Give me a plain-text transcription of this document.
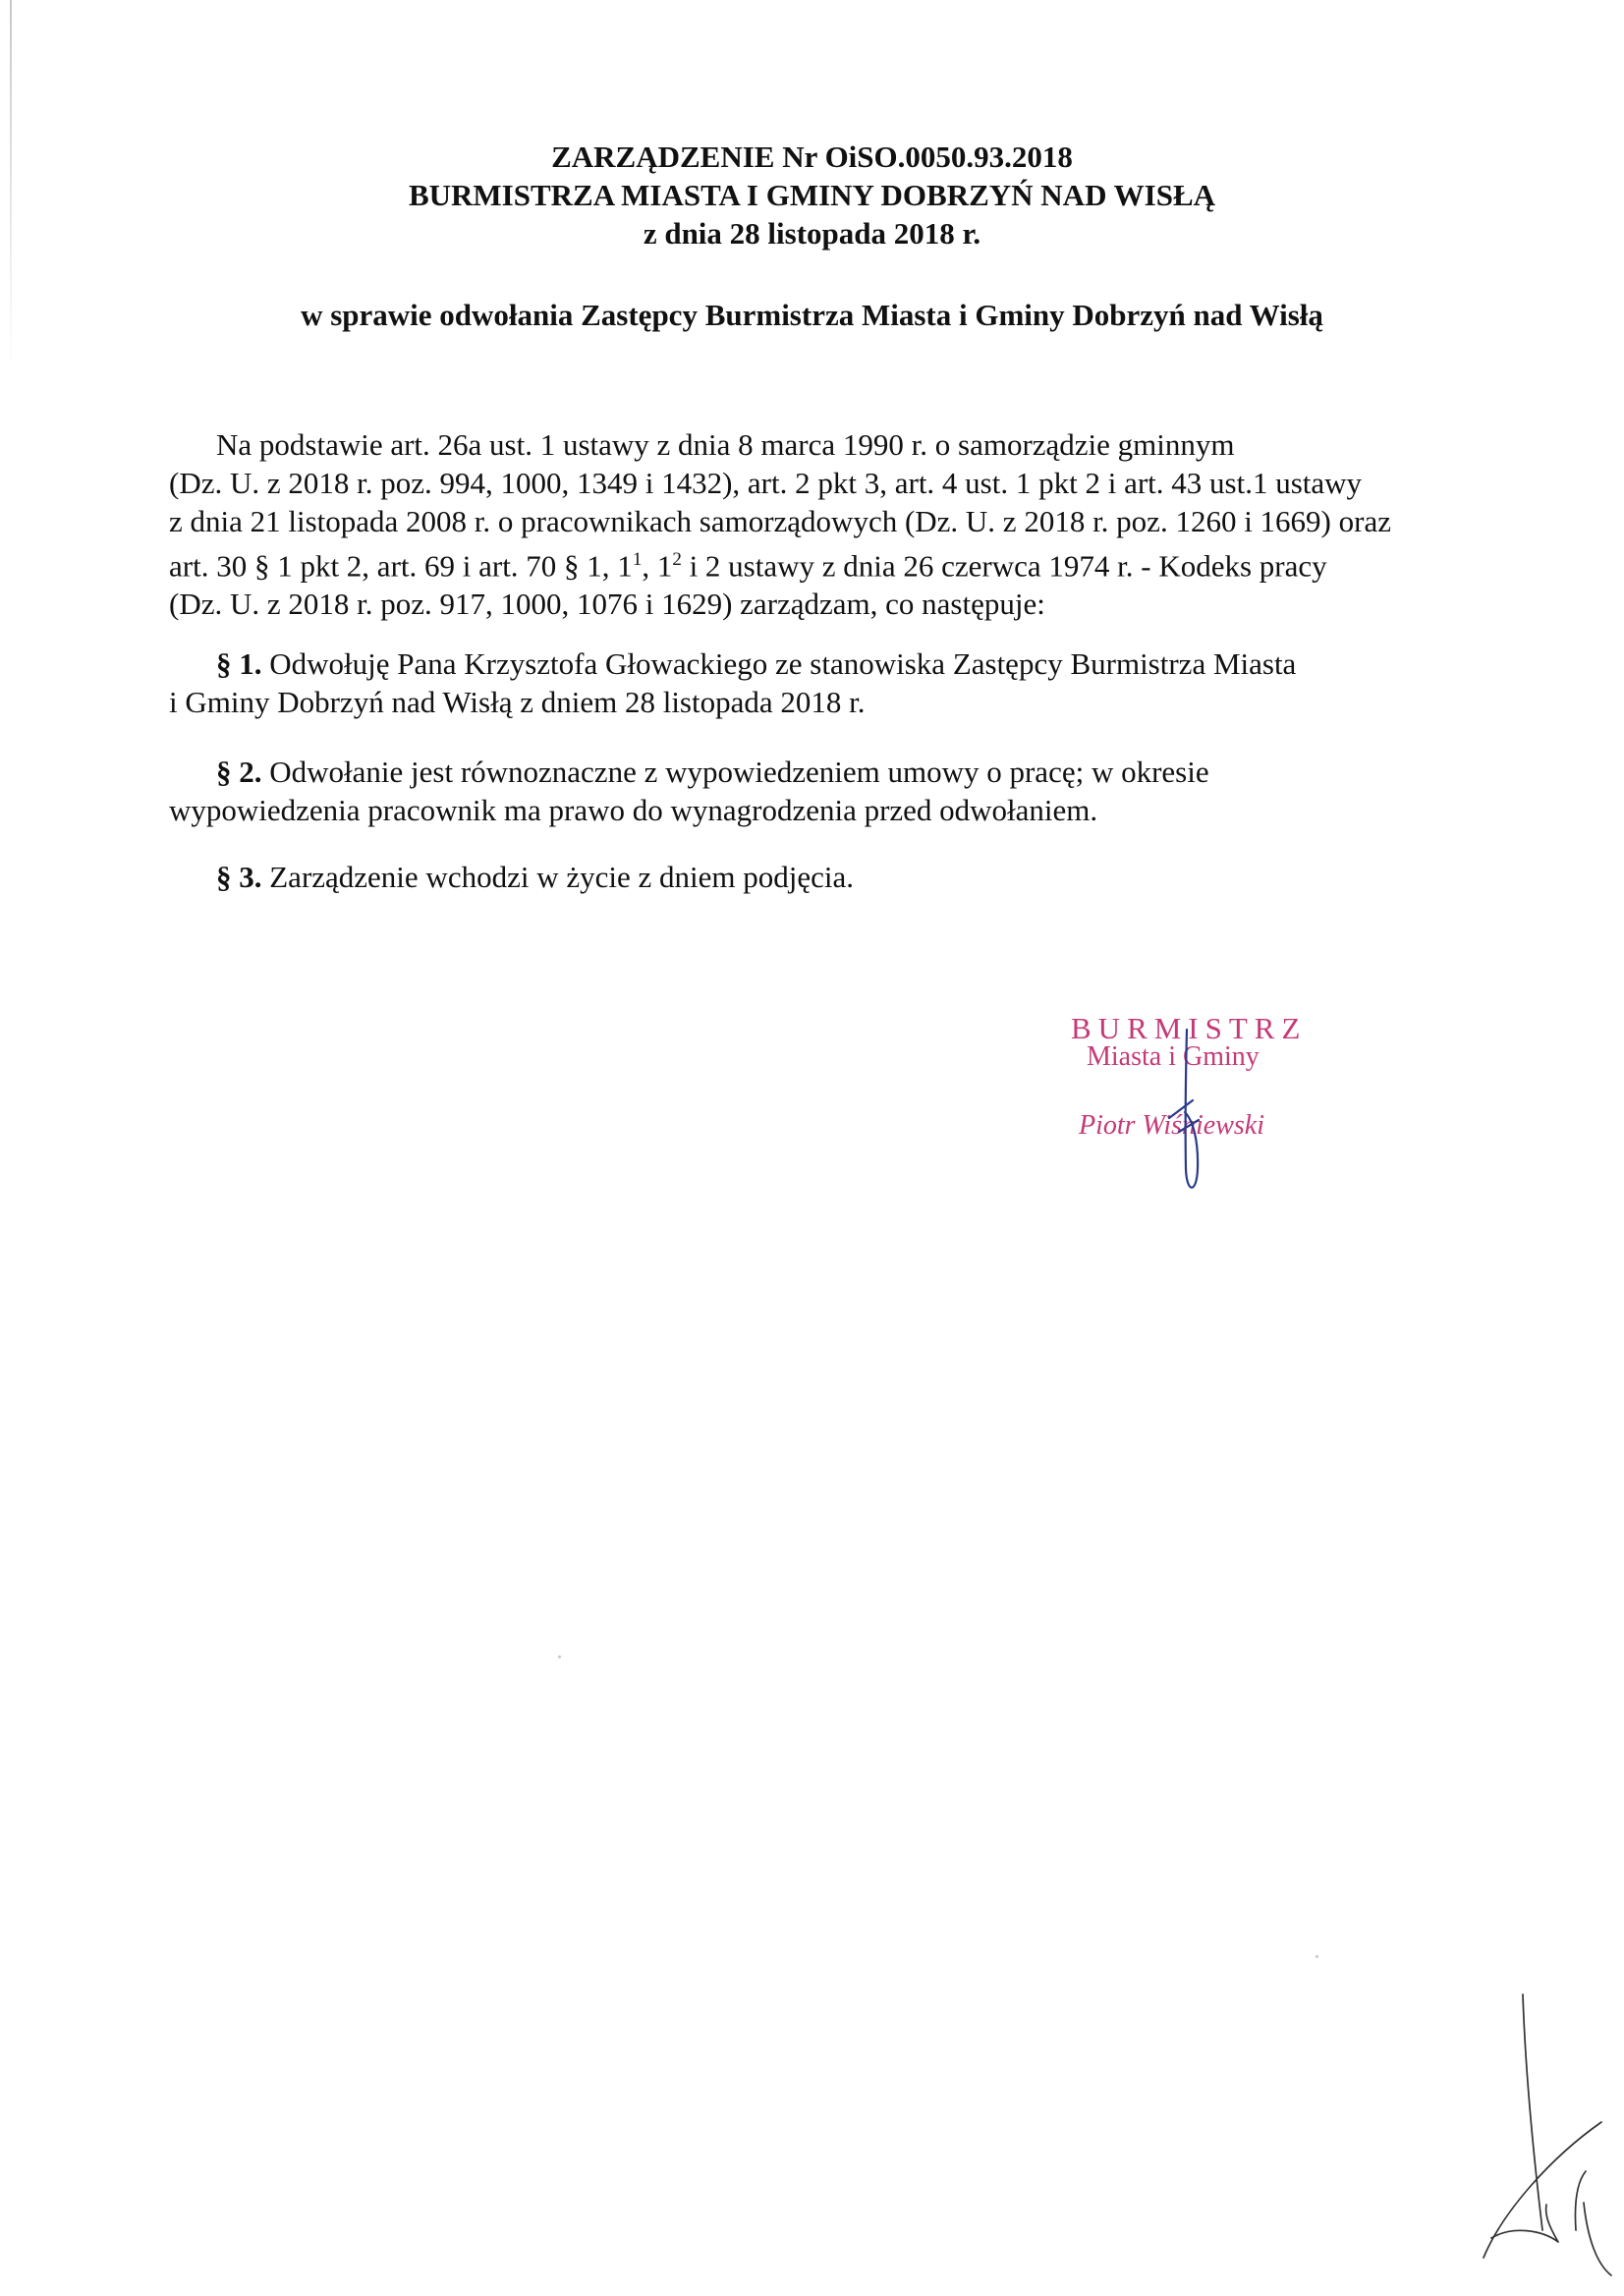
ZARZĄDZENIE Nr OiSO.0050.93.2018
BURMISTRZA MIASTA I GMINY DOBRZYŃ NAD WISŁĄ
z dnia 28 listopada 2018 r.
w sprawie odwołania Zastępcy Burmistrza Miasta i Gminy Dobrzyń nad Wisłą
Na podstawie art. 26a ust. 1 ustawy z dnia 8 marca 1990 r. o samorządzie gminnym
(Dz. U. z 2018 r. poz. 994, 1000, 1349 i 1432), art. 2 pkt 3, art. 4 ust. 1 pkt 2 i art. 43 ust.1 ustawy
z dnia 21 listopada 2008 r. o pracownikach samorządowych (Dz. U. z 2018 r. poz. 1260 i 1669) oraz
art. 30 § 1 pkt 2, art. 69 i art. 70 § 1, $1^1$, $1^2$ i 2 ustawy z dnia 26 czerwca 1974 r. - Kodeks pracy
(Dz. U. z 2018 r. poz. 917, 1000, 1076 i 1629) zarządzam, co następuje:
§ 1. Odwołuję Pana Krzysztofa Głowackiego ze stanowiska Zastępcy Burmistrza Miasta
i Gminy Dobrzyń nad Wisłą z dniem 28 listopada 2018 r.
§ 2. Odwołanie jest równoznaczne z wypowiedzeniem umowy o pracę; w okresie
wypowiedzenia pracownik ma prawo do wynagrodzenia przed odwołaniem.
§ 3. Zarządzenie wchodzi w życie z dniem podjęcia.
BURMISTRZ
Miasta i Gminy
Piotr Wiśniewski
